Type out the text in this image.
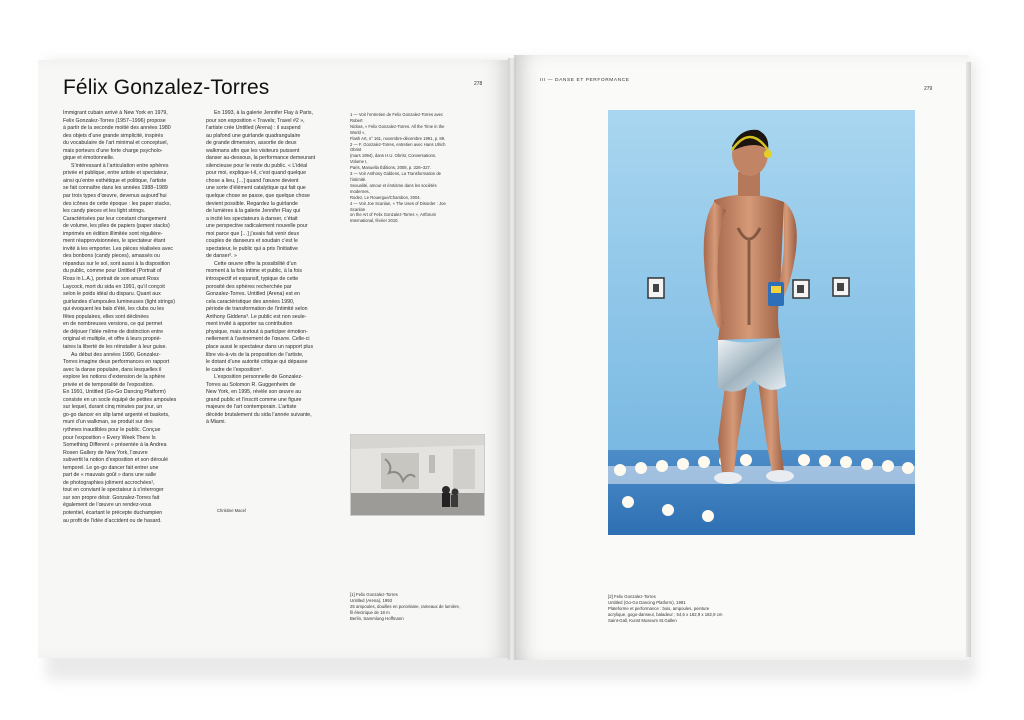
Félix Gonzalez-Torres	278
III — DANSE ET PERFORMANCE
279

Immigrant cubain arrivé à New York en 1979,

Felix Gonzalez-Torres (1957–1996) propose

à partir de la seconde moitié des années 1980

des objets d’une grande simplicité, inspirés

du vocabulaire de l’art minimal et conceptuel,

mais porteurs d’une forte charge psycholo-

gique et émotionnelle.

S’intéressant à l’articulation entre sphères

privée et publique, entre artiste et spectateur,

ainsi qu’entre esthétique et politique, l’artiste

se fait connaître dans les années 1988–1989

par trois types d’œuvre, devenus aujourd’hui

des icônes de cette époque : les paper stacks,

les candy pieces et les light strings.

Caractérisées par leur constant changement

de volume, les piles de papiers (paper stacks)

imprimés en édition illimitée sont régulière-

ment réapprovisionnées, le spectateur étant

invité à les emporter. Les pièces réalisées avec

des bonbons (candy pieces), amassés ou

répandus sur le sol, sont aussi à la disposition

du public, comme pour Untitled (Portrait of

Ross in L.A.), portrait de son amant Ross

Laycock, mort du sida en 1991, qu’il conçoit

selon le poids idéal du disparu. Quant aux

guirlandes d’ampoules lumineuses (light strings)

qui évoquent les bals d’été, les clubs ou les

fêtes populaires, elles sont déclinées

en de nombreuses versions, ce qui permet

de déjouer l’idée même de distinction entre

original et multiple, et offre à leurs proprié-

taires la liberté de les réinstaller à leur guise.

Au début des années 1990, Gonzalez-

Torres imagine deux performances en rapport

avec la danse populaire, dans lesquelles il

explore les notions d’extension de la sphère

privée et de temporalité de l’exposition.

En 1991, Untitled (Go-Go Dancing Platform)

consiste en un socle équipé de petites ampoules

sur lequel, durant cinq minutes par jour, un

go-go dancer en slip lamé argenté et baskets,

muni d’un walkman, se produit sur des

rythmes inaudibles pour le public. Conçue

pour l’exposition « Every Week There Is

Something Different » présentée à la Andrea

Rosen Gallery de New York, l’œuvre

subvertit la notion d’exposition et son déroulé

temporel. Le go-go dancer fait entrer une

part de « mauvais goût » dans une salle

de photographies joliment accrochées¹,

tout en conviant le spectateur à s’interroger

sur son propre désir. Gonzalez-Torres fait

également de l’œuvre un rendez-vous

potentiel, écartant le précepte duchampien

au profit de l’idée d’accident ou de hasard.

En 1993, à la galerie Jennifer Flay à Paris,

pour son exposition « Travels; Travel #2 »,

l’artiste crée Untitled (Arena) : il suspend

au plafond une guirlande quadrangulaire

de grande dimension, assortie de deux

walkmans afin que les visiteurs puissent

danser au-dessous, la performance demeurant

silencieuse pour le reste du public. « L’idéal

pour moi, explique-t-il, c’est quand quelque

chose a lieu, […] quand l’œuvre devient

une sorte d’élément catalytique qui fait que

quelque chose se passe, que quelque chose

devient possible. Regardez la guirlande

de lumières à la galerie Jennifer Flay qui

a incité les spectateurs à danser, c’était

une perspective radicalement nouvelle pour

moi parce que […] j’avais fait venir deux

couples de danseurs et soudain c’est le

spectateur, le public qui a pris l’initiative

de danser². »

Cette œuvre offre la possibilité d’un

moment à la fois intime et public, à la fois

introspectif et expansif, typique de cette

porosité des sphères recherchée par

Gonzalez-Torres. Untitled (Arena) est en

cela caractéristique des années 1990,

période de transformation de l’intimité selon

Anthony Giddens³. Le public est non seule-

ment invité à apporter sa contribution

physique, mais surtout à participer émotion-

nellement à l’avènement de l’œuvre. Celle-ci

place aussi le spectateur dans un rapport plus

libre vis-à-vis de la proposition de l’artiste,

le dotant d’une autorité critique qui dépasse

le cadre de l’exposition⁴.

L’exposition personnelle de Gonzalez-

Torres au Solomon R. Guggenheim de

New York, en 1995, révèle son œuvre au

grand public et l’inscrit comme une figure

majeure de l’art contemporain. L’artiste

décède brutalement du sida l’année suivante,

à Miami.

1 — Voir l’entretien de Felix Gonzalez-Torres avec Robert

Nickas, « Felix Gonzalez-Torres. All the Time in the World »,

Flash Art, n° 161, novembre-décembre 1991, p. 89.

2 — F. Gonzalez-Torres, entretien avec Hans Ulrich Obrist

(mars 1994), dans H.U. Obrist, Conversations. Volume I,

Paris, Manuella Éditions, 2008, p. 326–327.

3 — Voir Anthony Giddens, La Transformation de l’intimité.

Sexualité, amour et érotisme dans les sociétés modernes,

Rodez, Le Rouergue/Chambon, 2004.

4 — Voir Joe Scanlan, « The Uses of Disorder : Joe Scanlan

on the Art of Felix Gonzalez-Torres », Artforum

International, février 2010.

Christine Macel

[1] Felix Gonzalez-Torres

Untitled (Arena), 1993

25 ampoules, douilles en porcelaine, rameaux de lumière,

fil électrique de 18 m

Berlin, Sammlung Hoffmann

[2] Felix Gonzalez-Torres

Untitled (Go-Go Dancing Platform), 1991

Plateforme et performance : bois, ampoules, peinture

acrylique, gogo-danseur, baladeur ; 54,6 x 182,9 x 182,9 cm

Saint-Gall, Kunst Museum St.Gallen
